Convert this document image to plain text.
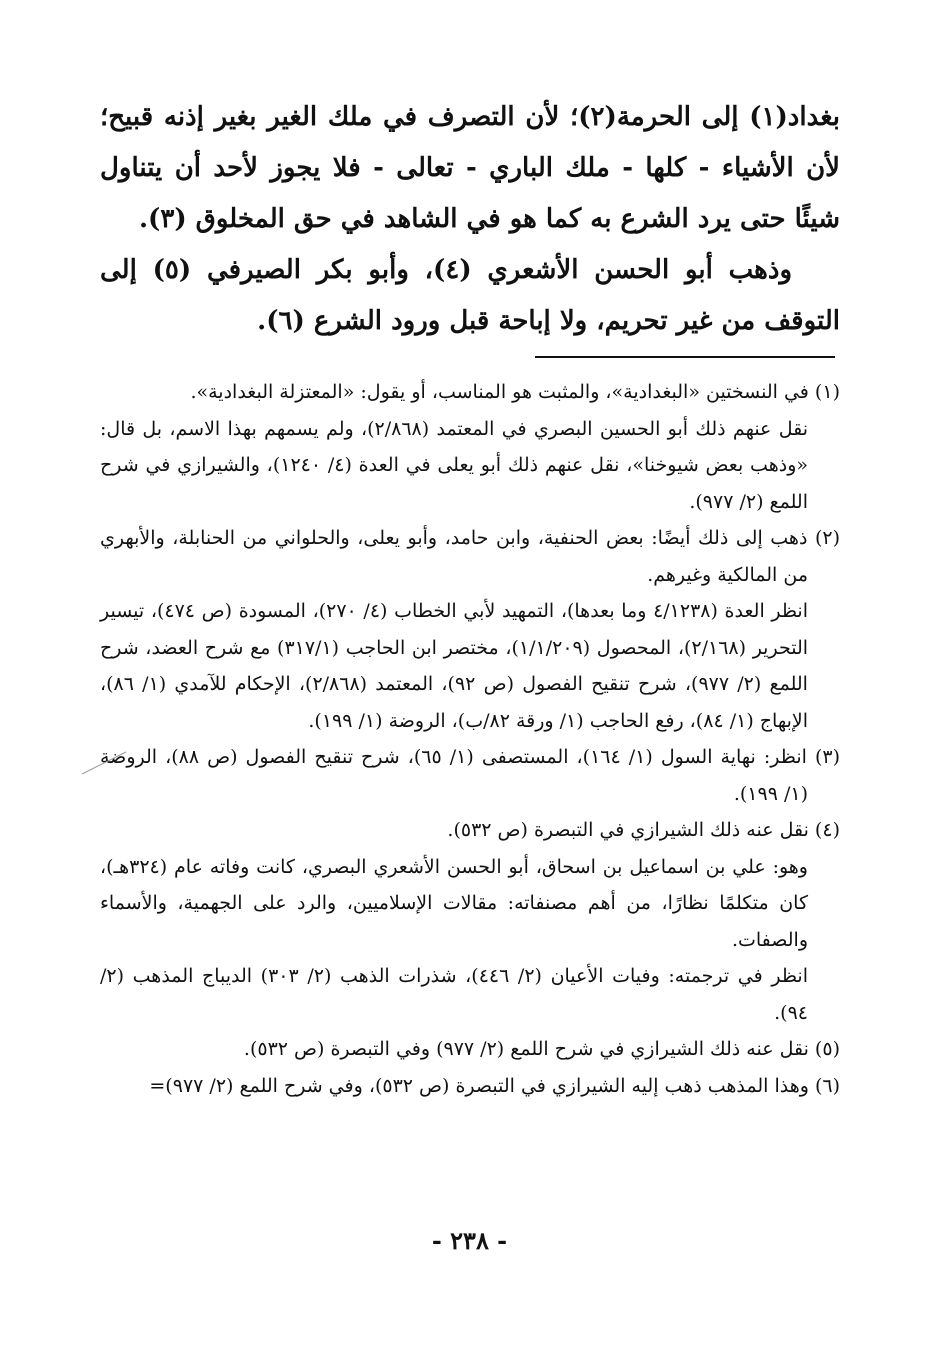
بغداد(١) إلى الحرمة(٢)؛ لأن التصرف في ملك الغير بغير إذنه قبيح؛ لأن الأشياء - كلها - ملك الباري - تعالى - فلا يجوز لأحد أن يتناول شيئًا حتى يرد الشرع به كما هو في الشاهد في حق المخلوق (٣).

وذهب أبو الحسن الأشعري (٤)، وأبو بكر الصيرفي (٥) إلى التوقف من غير تحريم، ولا إباحة قبل ورود الشرع (٦).

(١) في النسختين «البغدادية»، والمثبت هو المناسب، أو يقول: «المعتزلة البغدادية».

نقل عنهم ذلك أبو الحسين البصري في المعتمد (٢/٨٦٨)، ولم يسمهم بهذا الاسم، بل قال: «وذهب بعض شيوخنا»، نقل عنهم ذلك أبو يعلى في العدة (٤/ ١٢٤٠)، والشيرازي في شرح اللمع (٢/ ٩٧٧).

(٢) ذهب إلى ذلك أيضًا: بعض الحنفية، وابن حامد، وأبو يعلى، والحلواني من الحنابلة، والأبهري من المالكية وغيرهم.

انظر العدة (٤/١٢٣٨ وما بعدها)، التمهيد لأبي الخطاب (٤/ ٢٧٠)، المسودة (ص ٤٧٤)، تيسير التحرير (٢/١٦٨)، المحصول (١/١/٢٠٩)، مختصر ابن الحاجب (٣١٧/١) مع شرح العضد، شرح اللمع (٢/ ٩٧٧)، شرح تنقيح الفصول (ص ٩٢)، المعتمد (٢/٨٦٨)، الإحكام للآمدي (١/ ٨٦)، الإبهاج (١/ ٨٤)، رفع الحاجب (١/ ورقة ٨٢/ب)، الروضة (١/ ١٩٩).

(٣) انظر: نهاية السول (١/ ١٦٤)، المستصفى (١/ ٦٥)، شرح تنقيح الفصول (ص ٨٨)، الروضة (١/ ١٩٩).

(٤) نقل عنه ذلك الشيرازي في التبصرة (ص ٥٣٢).

وهو: علي بن اسماعيل بن اسحاق، أبو الحسن الأشعري البصري، كانت وفاته عام (٣٢٤هـ)، كان متكلمًا نظارًا، من أهم مصنفاته: مقالات الإسلاميين، والرد على الجهمية، والأسماء والصفات.

انظر في ترجمته: وفيات الأعيان (٢/ ٤٤٦)، شذرات الذهب (٢/ ٣٠٣) الديباج المذهب (٢/ ٩٤).

(٥) نقل عنه ذلك الشيرازي في شرح اللمع (٢/ ٩٧٧) وفي التبصرة (ص ٥٣٢).

(٦) وهذا المذهب ذهب إليه الشيرازي في التبصرة (ص ٥٣٢)، وفي شرح اللمع (٢/ ٩٧٧)=

- ٢٣٨ -
